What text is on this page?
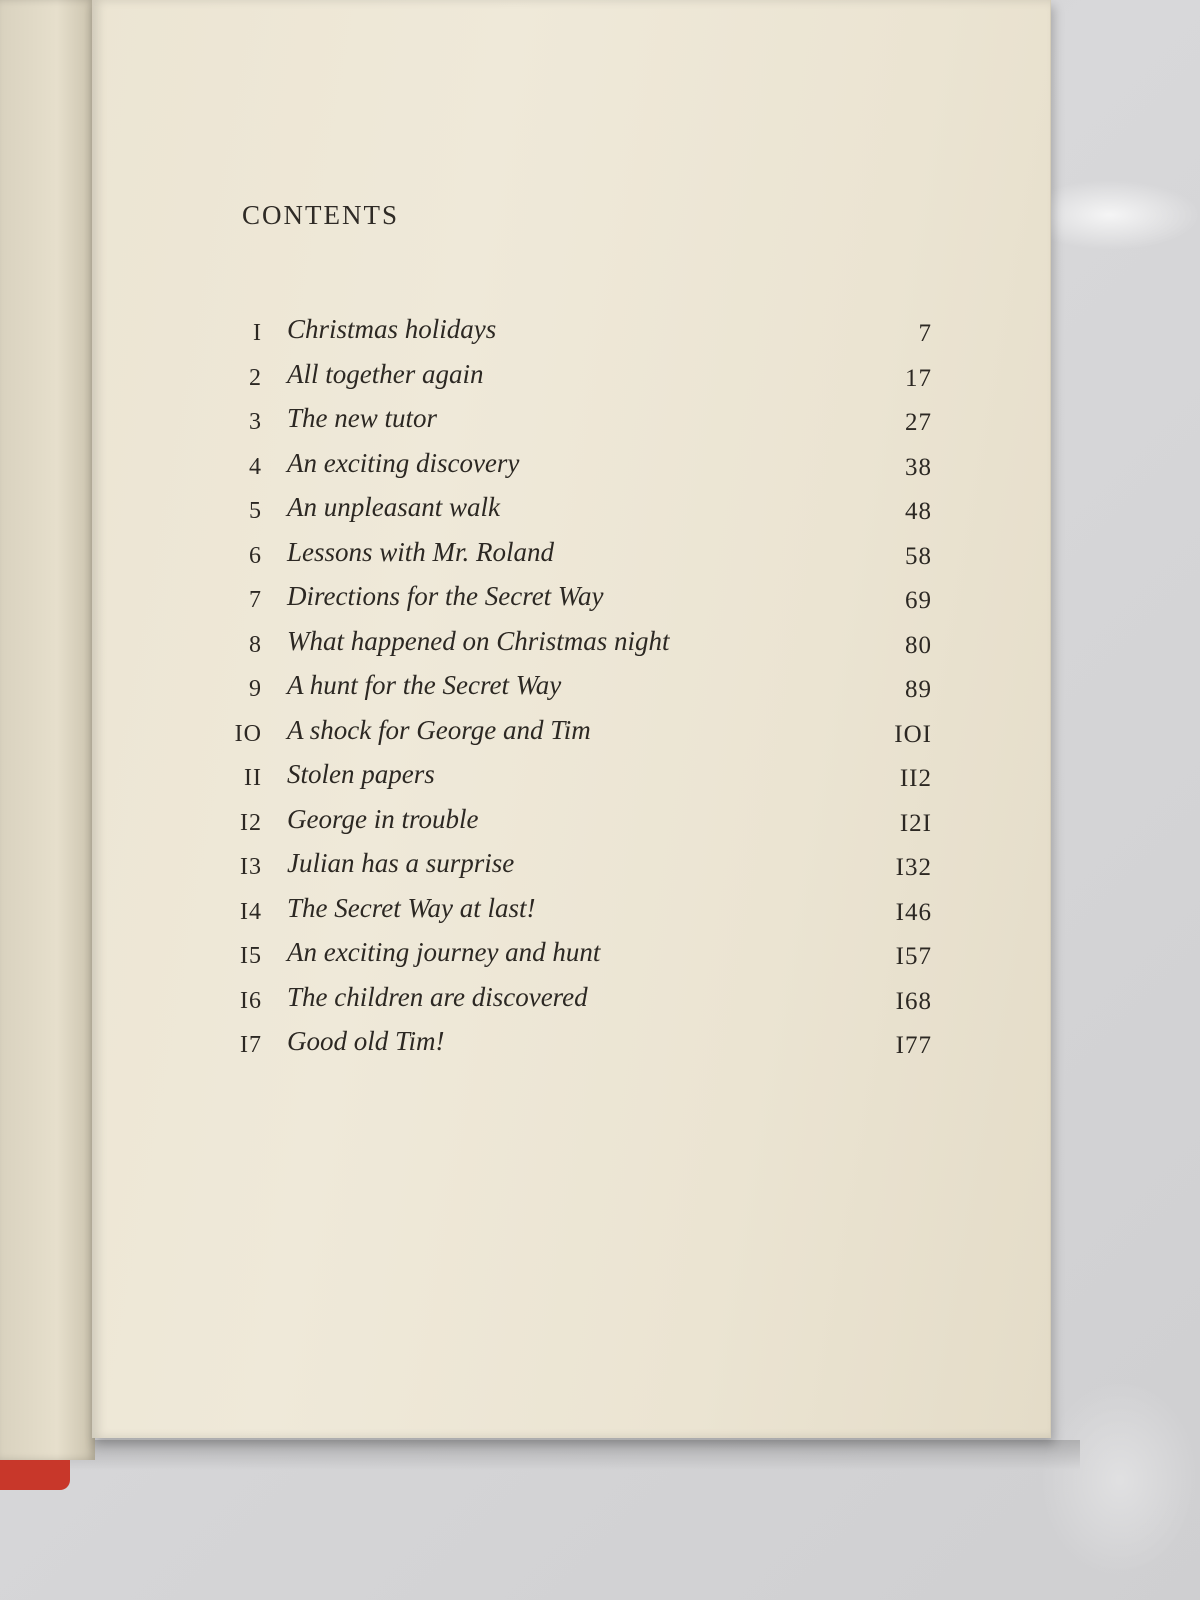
CONTENTS
I Christmas holidays	7
2 All together again	17
3 The new tutor	27
4 An exciting discovery	38
5 An unpleasant walk	48
6 Lessons with Mr. Roland	58
7 Directions for the Secret Way	69
8 What happened on Christmas night	80
9 A hunt for the Secret Way	89
IO A shock for George and Tim	IOI
II Stolen papers	II2
I2 George in trouble	I2I
I3 Julian has a surprise	I32
I4 The Secret Way at last!	I46
I5 An exciting journey and hunt	I57
I6 The children are discovered	I68
I7 Good old Tim!	I77
